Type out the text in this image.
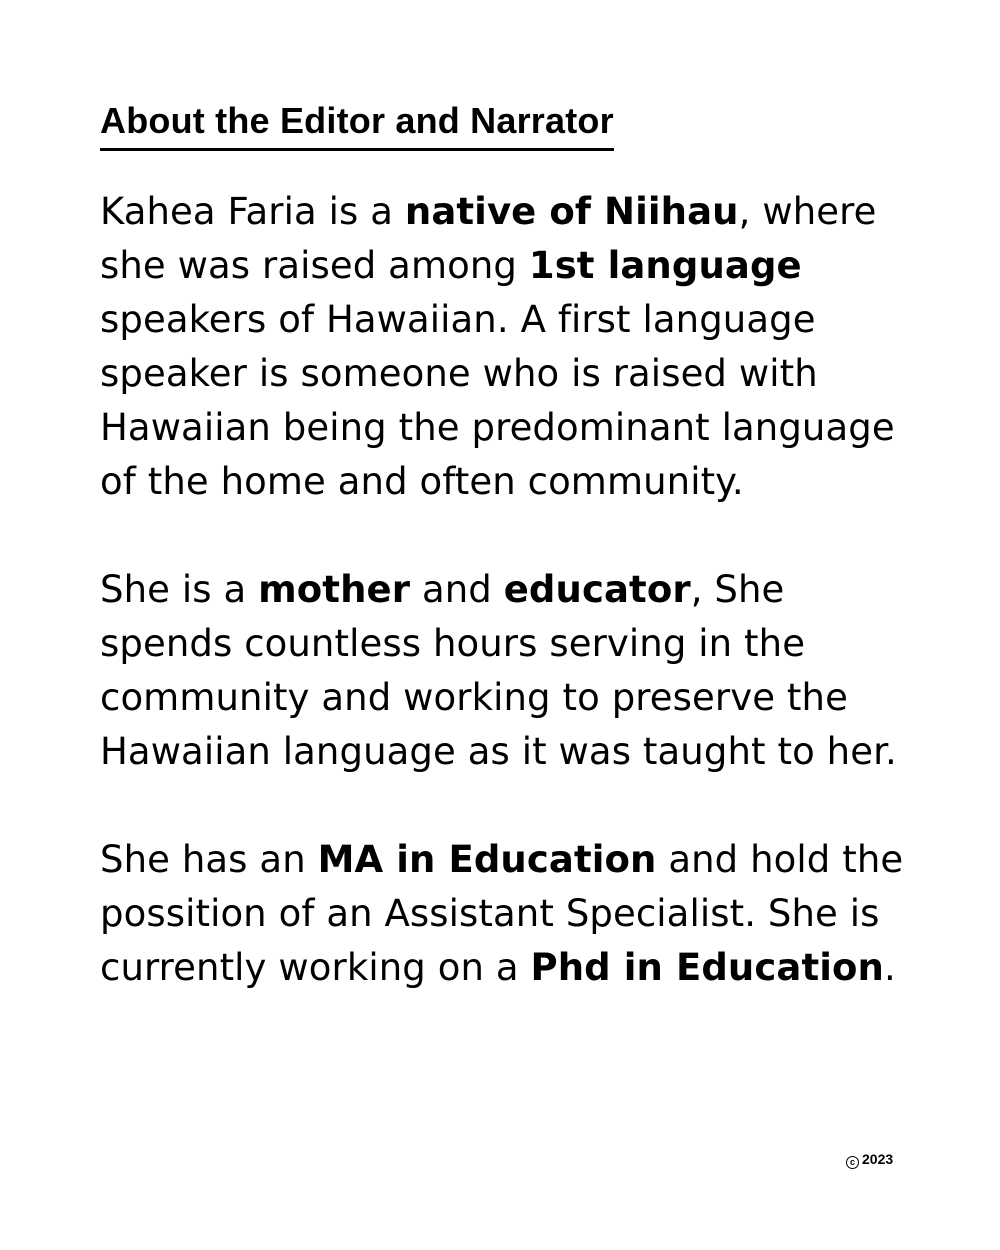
About the Editor and Narrator

Kahea Faria is a native of Niihau, where she was raised among 1st language speakers of Hawaiian. A first language speaker is someone who is raised with Hawaiian being the predominant language of the home and often community.

She is a mother and educator, She spends countless hours serving in the community and working to preserve the Hawaiian language as it was taught to her.

She has an MA in Education and hold the possition of an Assistant Specialist. She is currently working on a Phd in Education.

c 2023
